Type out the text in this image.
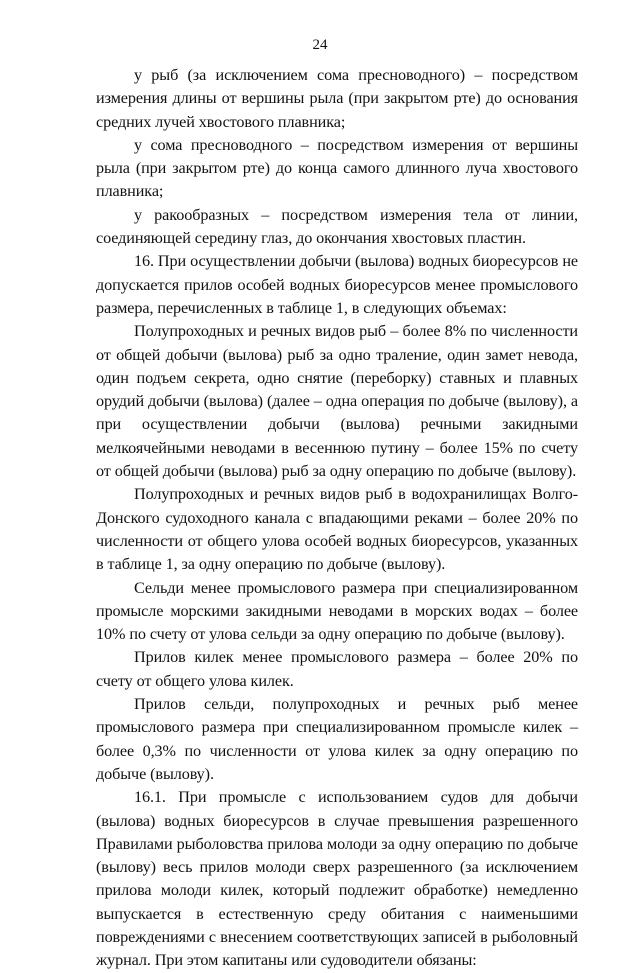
24

у рыб (за исключением сома пресноводного) – посредством измерения длины от вершины рыла (при закрытом рте) до основания средних лучей хвостового плавника;

у сома пресноводного – посредством измерения от вершины рыла (при закрытом рте) до конца самого длинного луча хвостового плавника;

у ракообразных – посредством измерения тела от линии, соединяющей середину глаз, до окончания хвостовых пластин.

16. При осуществлении добычи (вылова) водных биоресурсов не допускается прилов особей водных биоресурсов менее промыслового размера, перечисленных в таблице 1, в следующих объемах:

Полупроходных и речных видов рыб – более 8% по численности от общей добычи (вылова) рыб за одно траление, один замет невода, один подъем секрета, одно снятие (переборку) ставных и плавных орудий добычи (вылова) (далее – одна операция по добыче (вылову), а при осуществлении добычи (вылова) речными закидными мелкоячейными неводами в весеннюю путину – более 15% по счету от общей добычи (вылова) рыб за одну операцию по добыче (вылову).

Полупроходных и речных видов рыб в водохранилищах Волго-Донского судоходного канала с впадающими реками – более 20% по численности от общего улова особей водных биоресурсов, указанных в таблице 1, за одну операцию по добыче (вылову).

Сельди менее промыслового размера при специализированном промысле морскими закидными неводами в морских водах – более 10% по счету от улова сельди за одну операцию по добыче (вылову).

Прилов килек менее промыслового размера – более 20% по счету от общего улова килек.

Прилов сельди, полупроходных и речных рыб менее промыслового размера при специализированном промысле килек – более 0,3% по численности от улова килек за одну операцию по добыче (вылову).

16.1. При промысле с использованием судов для добычи (вылова) водных биоресурсов в случае превышения разрешенного Правилами рыболовства прилова молоди за одну операцию по добыче (вылову) весь прилов молоди сверх разрешенного (за исключением прилова молоди килек, который подлежит обработке) немедленно выпускается в естественную среду обитания с наименьшими повреждениями с внесением соответствующих записей в рыболовный журнал. При этом капитаны или судоводители обязаны:
